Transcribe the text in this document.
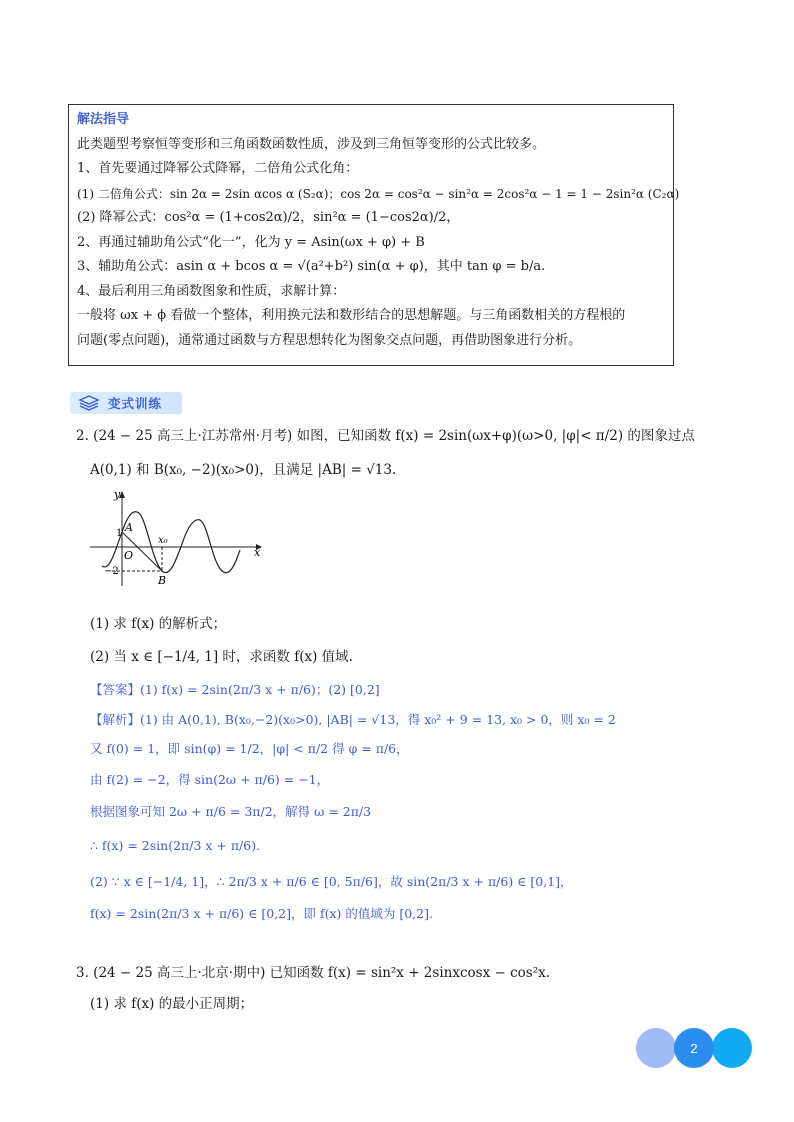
解法指导
此类题型考察恒等变形和三角函数函数性质，涉及到三角恒等变形的公式比较多。
1、首先要通过降幂公式降幂，二倍角公式化角：
(1) 二倍角公式：sin 2α = 2sin αcos α (S₂α)；cos 2α = cos²α − sin²α = 2cos²α − 1 = 1 − 2sin²α (C₂α)
(2) 降幂公式：cos²α = (1+cos2α)/2，sin²α = (1−cos2α)/2，
2、再通过辅助角公式“化一”，化为 y = Asin(ωx + φ) + B
3、辅助角公式：asin α + bcos α = √(a²+b²) sin(α + φ)，其中 tan φ = b/a.
4、最后利用三角函数图象和性质，求解计算：
一般将 ωx + ϕ 看做一个整体，利用换元法和数形结合的思想解题。与三角函数相关的方程根的
问题(零点问题)，通常通过函数与方程思想转化为图象交点问题，再借助图象进行分析。
变式训练
2. (24 − 25 高三上·江苏常州·月考) 如图，已知函数 f(x) = 2sin(ωx+φ)(ω>0, |φ|< π/2) 的图象过点
A(0,1) 和 B(x₀, −2)(x₀>0)，且满足 |AB| = √13.
y
x
1 A
O
−2
B
x₀
(1) 求 f(x) 的解析式；
(2) 当 x ∈ [−1/4, 1] 时，求函数 f(x) 值域.
【答案】(1) f(x) = 2sin(2π/3 x + π/6)；(2) [0,2]
【解析】(1) 由 A(0,1), B(x₀,−2)(x₀>0), |AB| = √13，得 x₀² + 9 = 13, x₀ > 0，则 x₀ = 2
又 f(0) = 1，即 sin(φ) = 1/2，|φ| < π/2 得 φ = π/6，
由 f(2) = −2，得 sin(2ω + π/6) = −1，
根据图象可知 2ω + π/6 = 3π/2，解得 ω = 2π/3
∴ f(x) = 2sin(2π/3 x + π/6).
(2) ∵ x ∈ [−1/4, 1]，∴ 2π/3 x + π/6 ∈ [0, 5π/6]，故 sin(2π/3 x + π/6) ∈ [0,1]，
f(x) = 2sin(2π/3 x + π/6) ∈ [0,2]，即 f(x) 的值域为 [0,2].
3. (24 − 25 高三上·北京·期中) 已知函数 f(x) = sin²x + 2sinxcosx − cos²x.
(1) 求 f(x) 的最小正周期；
2
